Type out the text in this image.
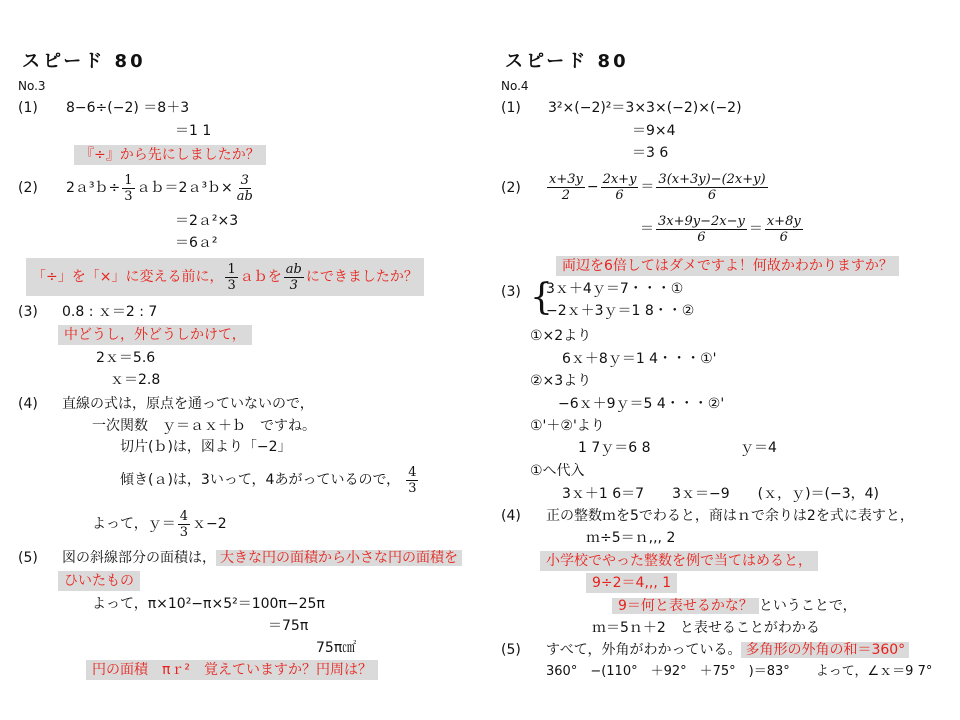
スピード 80
No.3
(1) 8−6÷(−2) ＝8＋3
＝1 1
『÷』から先にしましたか？
(2) 2ａ³ｂ÷ $\frac{1}{3}$ ａｂ＝2ａ³ｂ× $\frac{3}{ab}$
＝2ａ²×3
＝6ａ²
「÷」を「×」に変える前に， $\frac{1}{3}$ ａｂを $\frac{ab}{3}$ にできましたか？
(3) 0.8 : ｘ＝2 : 7
中どうし，外どうしかけて，
2ｘ＝5.6
ｘ＝2.8
(4) 直線の式は，原点を通っていないので，
一次関数　ｙ＝ａｘ＋ｂ　ですね。
切片(ｂ)は，図より「−2」
傾き(ａ)は，3いって，4あがっているので， $\frac{4}{3}$
よって，ｙ＝ $\frac{4}{3}$ ｘ−2
(5) 図の斜線部分の面積は， 大きな円の面積から小さな円の面積を
ひいたもの
よって，π×10²−π×5²＝100π−25π
＝75π
75π㎠
円の面積　πｒ²　覚えていますか？円周は？
スピード 80
No.4
(1) 3²×(−2)²＝3×3×(−2)×(−2)
＝9×4
＝3 6
$(2) \frac{x+3y}{2} - \frac{2x+y}{6} = \frac{3(x+3y)-(2x+y)}{6}$
＝ $\frac{3x+9y-2x-y}{6} = \frac{x+8y}{6}$
両辺を6倍してはダメですよ！何故かわかりますか？
(3) {
3ｘ＋4ｙ＝7・・・①
−2ｘ＋3ｙ＝1 8・・②
①×2より
6ｘ＋8ｙ＝1 4・・・①'
②×3より
−6ｘ＋9ｙ＝5 4・・・②'
①'＋②'より
1 7ｙ＝6 8	ｙ＝4
①へ代入
3ｘ＋1 6＝7　　3ｘ＝−9　　(ｘ，ｙ)＝(−3，4)
(4) 正の整数ｍを5でわると，商はｎで余りは2を式に表すと，
ｍ÷5＝ｎ,,, 2
小学校でやった整数を例で当てはめると，
9÷2＝4,,, 1
9＝何と表せるかな？ ということで，
ｍ＝5ｎ＋2　と表せることがわかる
(5) すべて，外角がわかっている。 多角形の外角の和＝360°
360°　−(110°　＋92°　＋75°　)＝83°　　よって，∠ｘ＝9 7°
